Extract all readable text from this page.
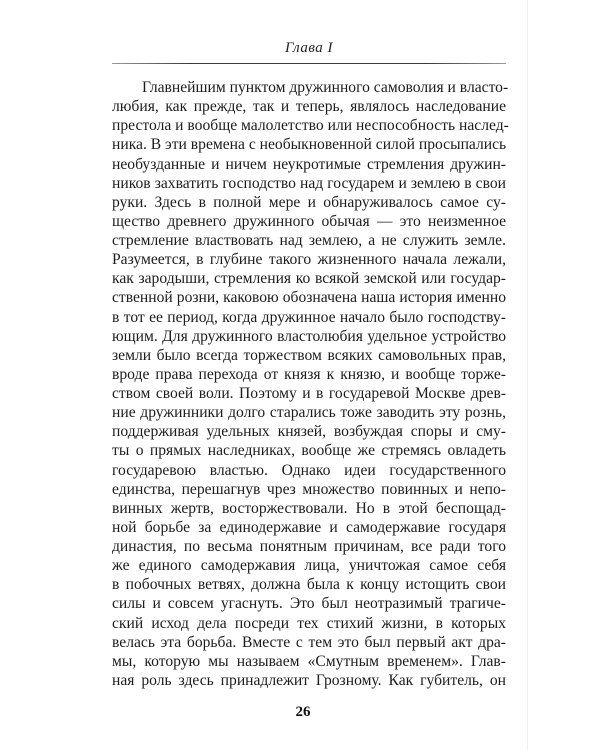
Глава I
Главнейшим пунктом дружинного самоволия и власто-
любия, как прежде, так и теперь, являлось наследование
престола и вообще малолетство или неспособность наслед-
ника. В эти времена с необыкновенной силой просыпались
необузданные и ничем неукротимые стремления дружин-
ников захватить господство над государем и землею в свои
руки. Здесь в полной мере и обнаруживалось самое су-
щество древнего дружинного обычая — это неизменное
стремление властвовать над землею, а не служить земле.
Разумеется, в глубине такого жизненного начала лежали,
как зародыши, стремления ко всякой земской или государ-
ственной розни, каковою обозначена наша история именно
в тот ее период, когда дружинное начало было господству-
ющим. Для дружинного властолюбия удельное устройство
земли было всегда торжеством всяких самовольных прав,
вроде права перехода от князя к князю, и вообще торже-
ством своей воли. Поэтому и в государевой Москве древ-
ние дружинники долго старались тоже заводить эту рознь,
поддерживая удельных князей, возбуждая споры и сму-
ты о прямых наследниках, вообще же стремясь овладеть
государевою властью. Однако идеи государственного
единства, перешагнув чрез множество повинных и непо-
винных жертв, восторжествовали. Но в этой беспощад-
ной борьбе за единодержавие и самодержавие государя
династия, по весьма понятным причинам, все ради того
же единого самодержавия лица, уничтожая самое себя
в побочных ветвях, должна была к концу истощить свои
силы и совсем угаснуть. Это был неотразимый трагиче-
ский исход дела посреди тех стихий жизни, в которых
велась эта борьба. Вместе с тем это был первый акт дра-
мы, которую мы называем «Смутным временем». Глав-
ная роль здесь принадлежит Грозному. Как губитель, он
26
